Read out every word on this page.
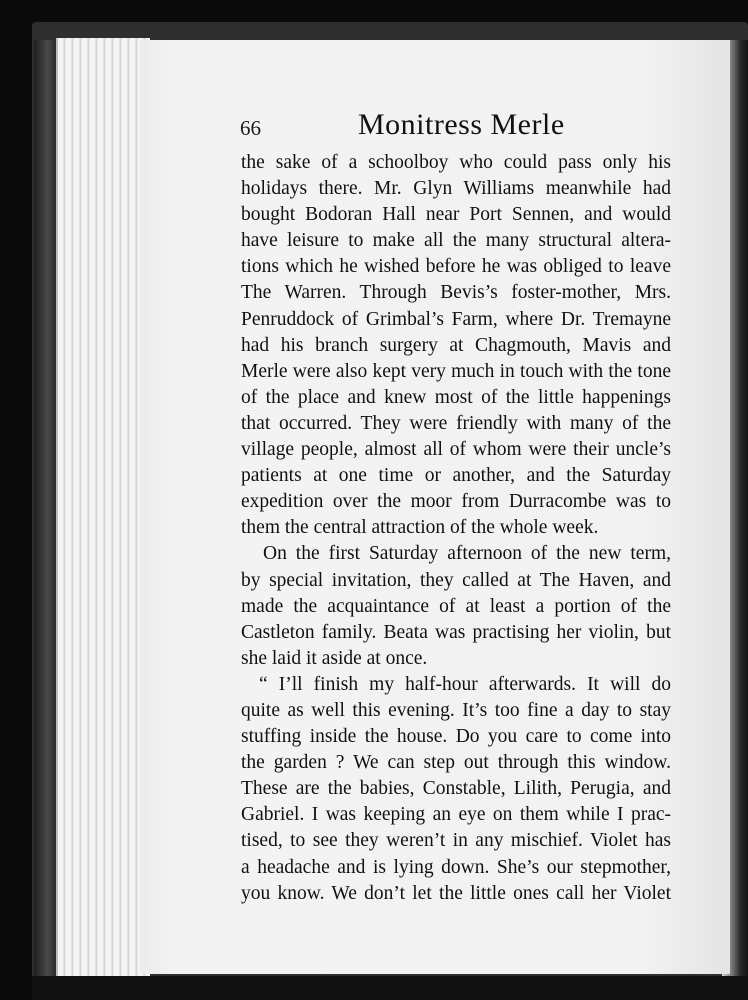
66	Monitress Merle
the sake of a schoolboy who could pass only his
holidays there. Mr. Glyn Williams meanwhile had
bought Bodoran Hall near Port Sennen, and would
have leisure to make all the many structural altera-
tions which he wished before he was obliged to leave
The Warren. Through Bevis’s foster-mother, Mrs.
Penruddock of Grimbal’s Farm, where Dr. Tremayne
had his branch surgery at Chagmouth, Mavis and
Merle were also kept very much in touch with the tone
of the place and knew most of the little happenings
that occurred. They were friendly with many of the
village people, almost all of whom were their uncle’s
patients at one time or another, and the Saturday
expedition over the moor from Durracombe was to
them the central attraction of the whole week.
On the first Saturday afternoon of the new term,
by special invitation, they called at The Haven, and
made the acquaintance of at least a portion of the
Castleton family. Beata was practising her violin, but
she laid it aside at once.
“ I’ll finish my half-hour afterwards. It will do
quite as well this evening. It’s too fine a day to stay
stuffing inside the house. Do you care to come into
the garden ? We can step out through this window.
These are the babies, Constable, Lilith, Perugia, and
Gabriel. I was keeping an eye on them while I prac-
tised, to see they weren’t in any mischief. Violet has
a headache and is lying down. She’s our stepmother,
you know. We don’t let the little ones call her Violet
